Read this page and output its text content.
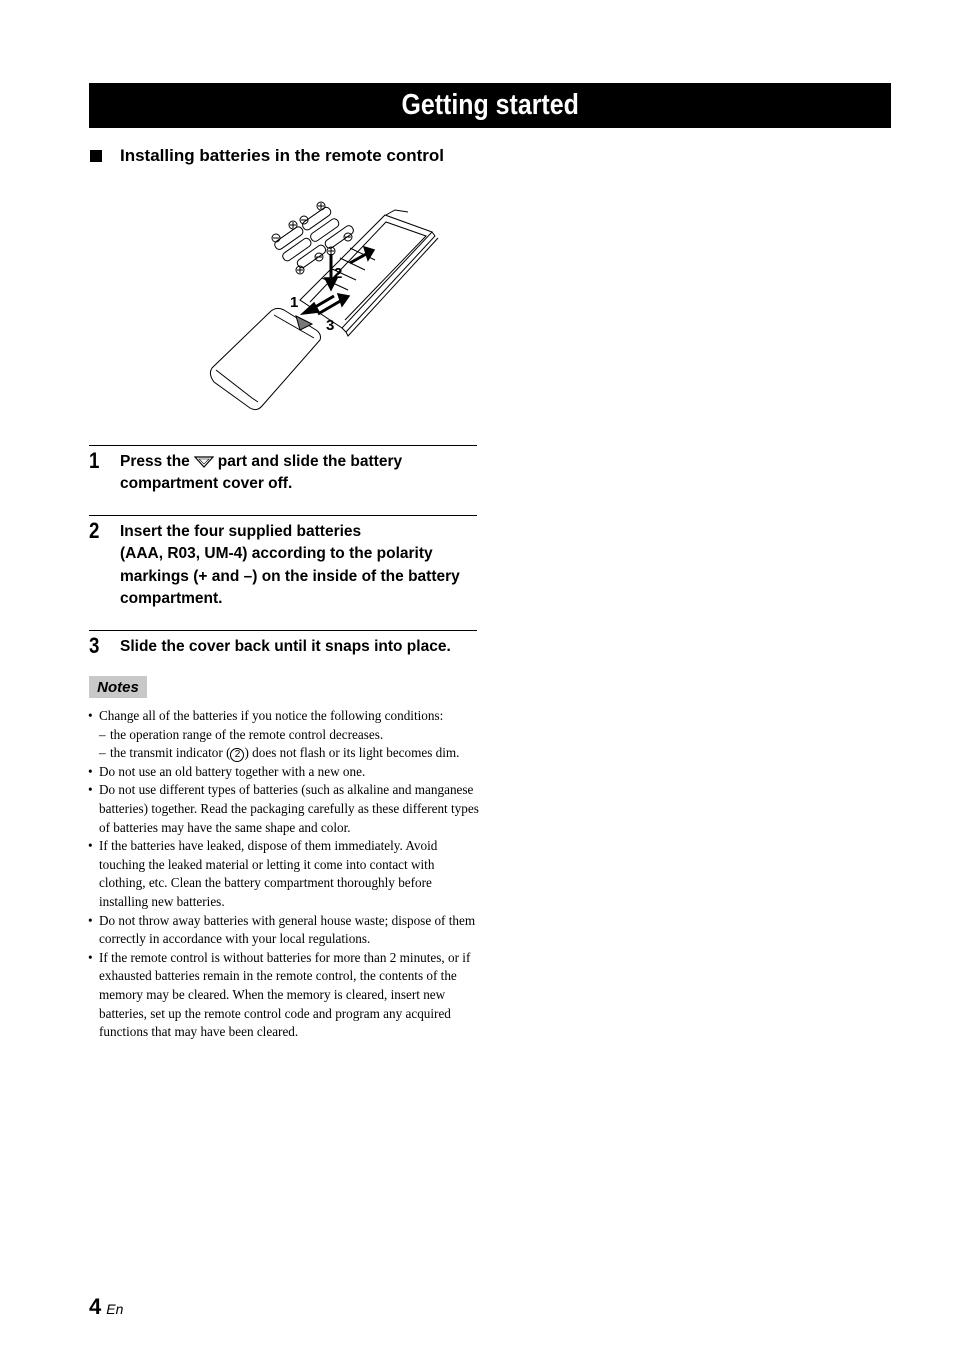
Getting started
Installing batteries in the remote control
2
1
3
1 Press the part and slide the battery compartment cover off.
2 Insert the four supplied batteries
(AAA, R03, UM-4) according to the polarity markings (+ and –) on the inside of the battery compartment.
3 Slide the cover back until it snaps into place.
Notes
• Change all of the batteries if you notice the following conditions:
– the operation range of the remote control decreases.
– the transmit indicator ( 2 ) does not flash or its light becomes dim.
• Do not use an old battery together with a new one.
• Do not use different types of batteries (such as alkaline and manganese batteries) together. Read the packaging carefully as these different types of batteries may have the same shape and color.
• If the batteries have leaked, dispose of them immediately. Avoid touching the leaked material or letting it come into contact with clothing, etc. Clean the battery compartment thoroughly before installing new batteries.
• Do not throw away batteries with general house waste; dispose of them correctly in accordance with your local regulations.
• If the remote control is without batteries for more than 2 minutes, or if exhausted batteries remain in the remote control, the contents of the memory may be cleared. When the memory is cleared, insert new batteries, set up the remote control code and program any acquired functions that may have been cleared.
4 En
